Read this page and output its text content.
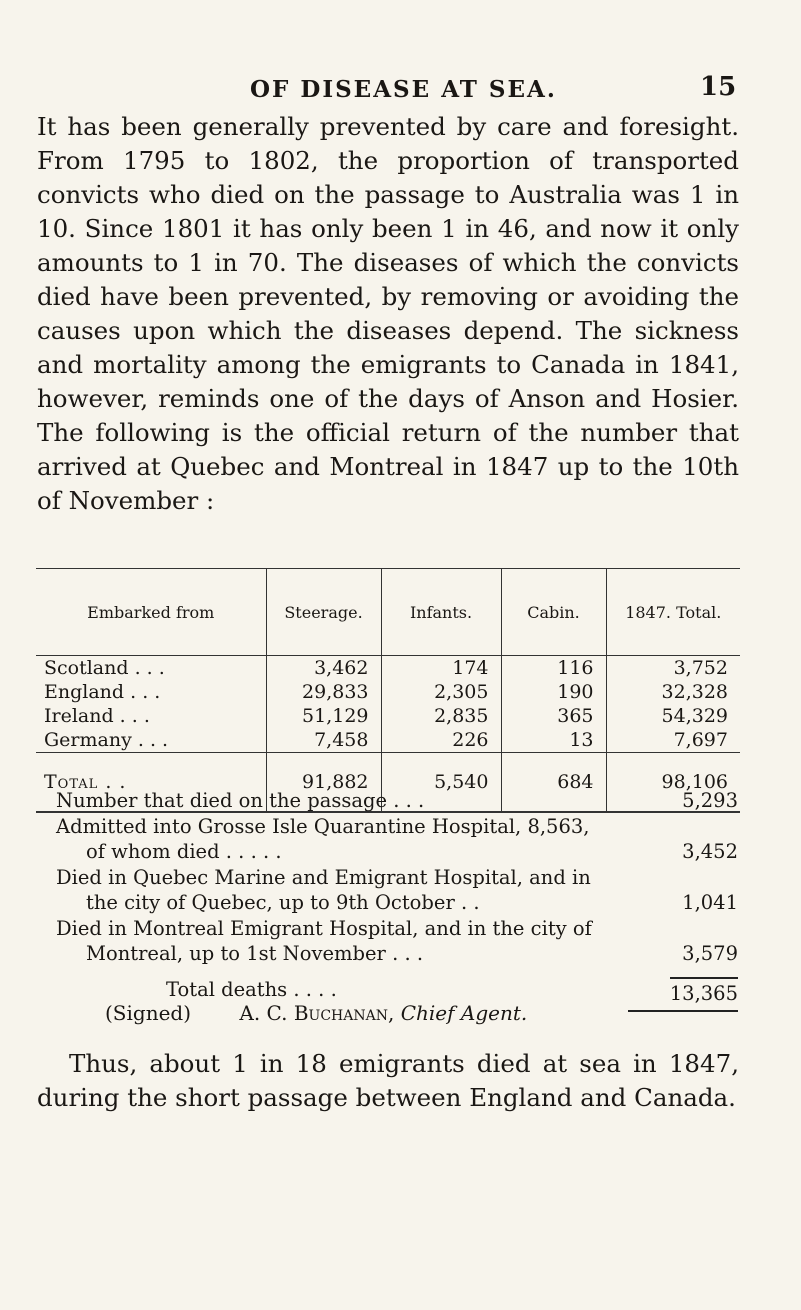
OF DISEASE AT SEA.	15

It has been generally prevented by care and foresight. From 1795 to 1802, the proportion of transported convicts who died on the passage to Australia was 1 in 10. Since 1801 it has only been 1 in 46, and now it only amounts to 1 in 70. The diseases of which the convicts died have been prevented, by removing or avoiding the causes upon which the diseases depend. The sickness and mortality among the emigrants to Canada in 1841, however, reminds one of the days of Anson and Hosier. The following is the official return of the number that arrived at Quebec and Montreal in 1847 up to the 10th of November :

Embarked from	Steerage.	Infants.	Cabin.	1847. Total.
Scotland . . .	3,462	174	116	3,752
England . . .	29,833	2,305	190	32,328
Ireland . . .	51,129	2,835	365	54,329
Germany . . .	7,458	226	13	7,697
Total . .	91,882	5,540	684	98,106
Number that died on the passage . . .	5,293
Admitted into Grosse Isle Quarantine Hospital, 8,563,
of whom died . . . . .	3,452
Died in Quebec Marine and Emigrant Hospital, and in
the city of Quebec, up to 9th October . .	1,041
Died in Montreal Emigrant Hospital, and in the city of
Montreal, up to 1st November . . .	3,579
Total deaths . . . .	13,365
(Signed) A. C. Buchanan, Chief Agent.

Thus, about 1 in 18 emigrants died at sea in 1847, during the short passage between England and Canada.
